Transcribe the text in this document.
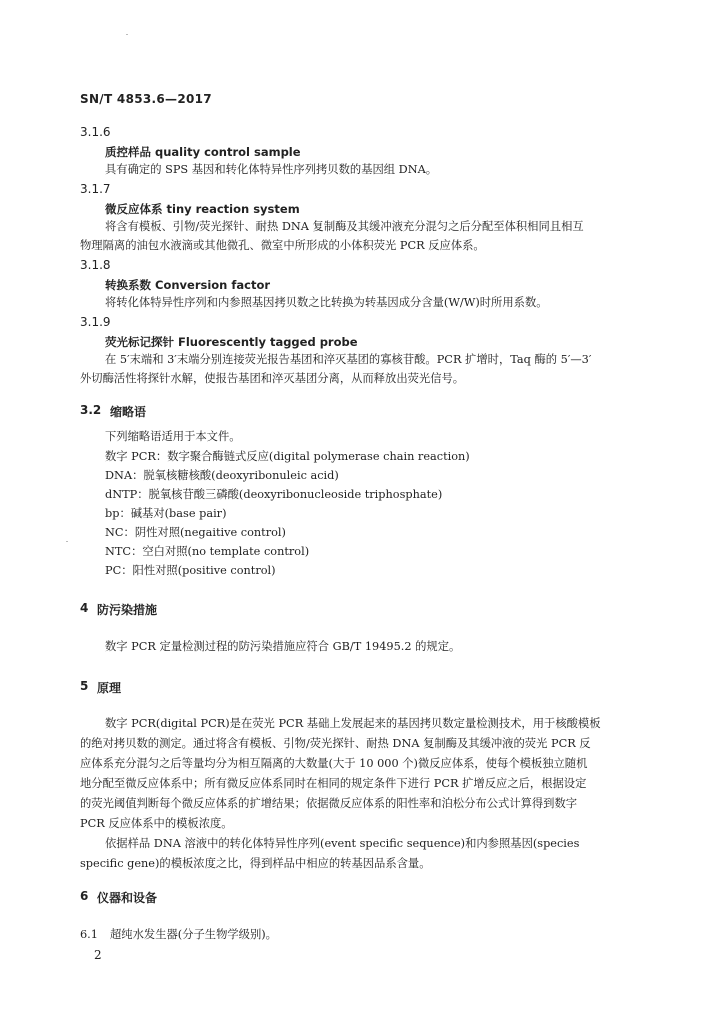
SN/T 4853.6—2017
3.1.6
质控样品 quality control sample
具有确定的 SPS 基因和转化体特异性序列拷贝数的基因组 DNA。
3.1.7
微反应体系 tiny reaction system
将含有模板、引物/荧光探针、耐热 DNA 复制酶及其缓冲液充分混匀之后分配至体积相同且相互
物理隔离的油包水液滴或其他微孔、微室中所形成的小体积荧光 PCR 反应体系。
3.1.8
转换系数 Conversion factor
将转化体特异性序列和内参照基因拷贝数之比转换为转基因成分含量(W/W)时所用系数。
3.1.9
荧光标记探针 Fluorescently tagged probe
在 5′末端和 3′末端分别连接荧光报告基团和淬灭基团的寡核苷酸。PCR 扩增时，Taq 酶的 5′—3′
外切酶活性将探针水解，使报告基团和淬灭基团分离，从而释放出荧光信号。
3.2 缩略语
下列缩略语适用于本文件。
数字 PCR：数字聚合酶链式反应(digital polymerase chain reaction)
DNA：脱氧核糖核酸(deoxyribonuleic acid)
dNTP：脱氧核苷酸三磷酸(deoxyribonucleoside triphosphate)
bp：碱基对(base pair)
NC：阴性对照(negaitive control)
NTC：空白对照(no template control)
PC：阳性对照(positive control)
4 防污染措施
数字 PCR 定量检测过程的防污染措施应符合 GB/T 19495.2 的规定。
5 原理
数字 PCR(digital PCR)是在荧光 PCR 基础上发展起来的基因拷贝数定量检测技术，用于核酸模板
的绝对拷贝数的测定。通过将含有模板、引物/荧光探针、耐热 DNA 复制酶及其缓冲液的荧光 PCR 反
应体系充分混匀之后等量均分为相互隔离的大数量(大于 10 000 个)微反应体系，使每个模板独立随机
地分配至微反应体系中；所有微反应体系同时在相同的规定条件下进行 PCR 扩增反应之后，根据设定
的荧光阈值判断每个微反应体系的扩增结果；依据微反应体系的阳性率和泊松分布公式计算得到数字
PCR 反应体系中的模板浓度。
依据样品 DNA 溶液中的转化体特异性序列(event specific sequence)和内参照基因(species
specific gene)的模板浓度之比，得到样品中相应的转基因品系含量。
6 仪器和设备
6.1 超纯水发生器(分子生物学级别)。
2
